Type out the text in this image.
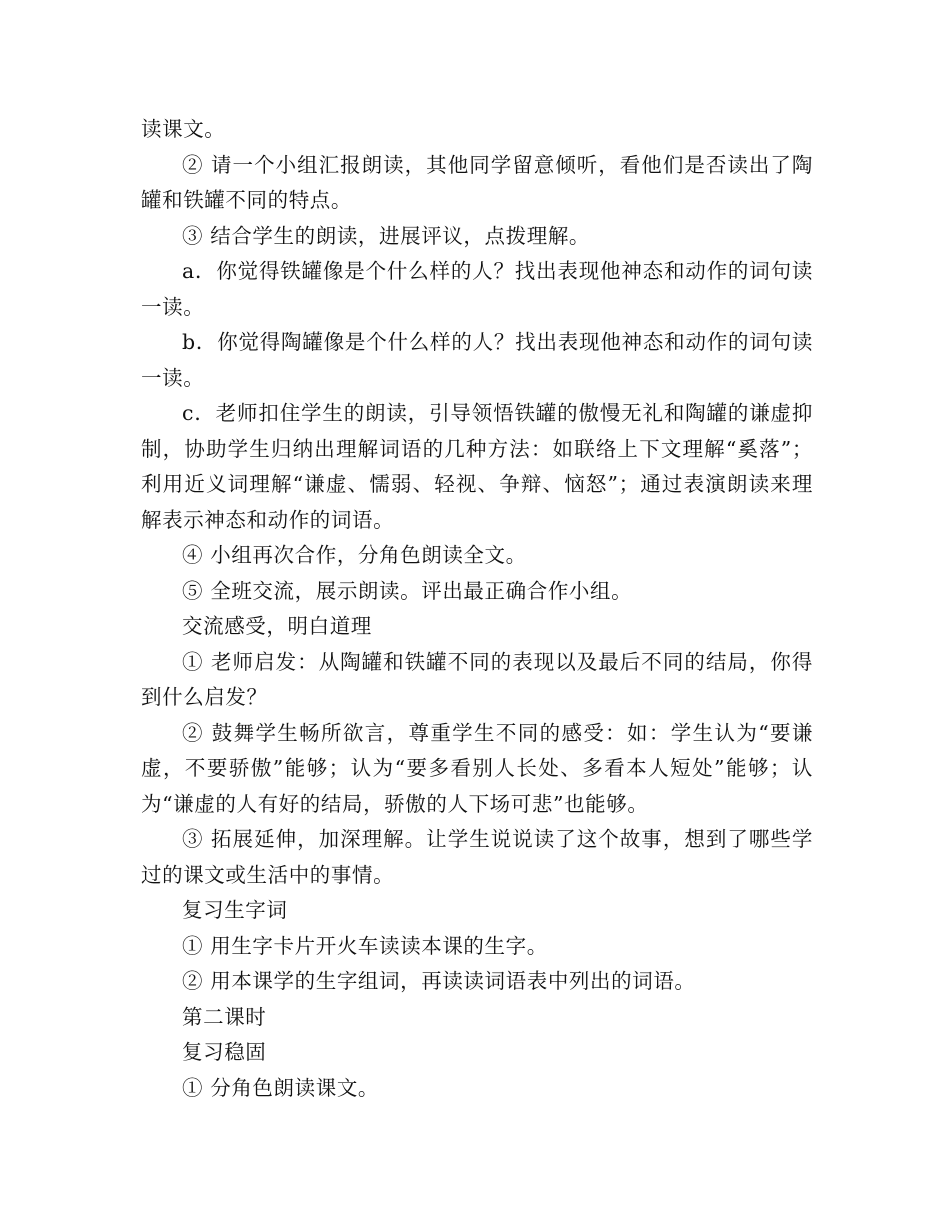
读课文。

② 请一个小组汇报朗读，其他同学留意倾听，看他们是否读出了陶罐和铁罐不同的特点。

③ 结合学生的朗读，进展评议，点拨理解。

a．你觉得铁罐像是个什么样的人？找出表现他神态和动作的词句读一读。

b．你觉得陶罐像是个什么样的人？找出表现他神态和动作的词句读一读。

c．老师扣住学生的朗读，引导领悟铁罐的傲慢无礼和陶罐的谦虚抑制，协助学生归纳出理解词语的几种方法：如联络上下文理解“奚落”；利用近义词理解“谦虚、懦弱、轻视、争辩、恼怒”；通过表演朗读来理解表示神态和动作的词语。

④ 小组再次合作，分角色朗读全文。

⑤ 全班交流，展示朗读。评出最正确合作小组。

交流感受，明白道理

① 老师启发：从陶罐和铁罐不同的表现以及最后不同的结局，你得到什么启发？

② 鼓舞学生畅所欲言，尊重学生不同的感受：如：学生认为“要谦虚，不要骄傲”能够；认为“要多看别人长处、多看本人短处”能够；认为“谦虚的人有好的结局，骄傲的人下场可悲”也能够。

③ 拓展延伸，加深理解。让学生说说读了这个故事，想到了哪些学过的课文或生活中的事情。

复习生字词

① 用生字卡片开火车读读本课的生字。

② 用本课学的生字组词，再读读词语表中列出的词语。

第二课时

复习稳固

① 分角色朗读课文。
